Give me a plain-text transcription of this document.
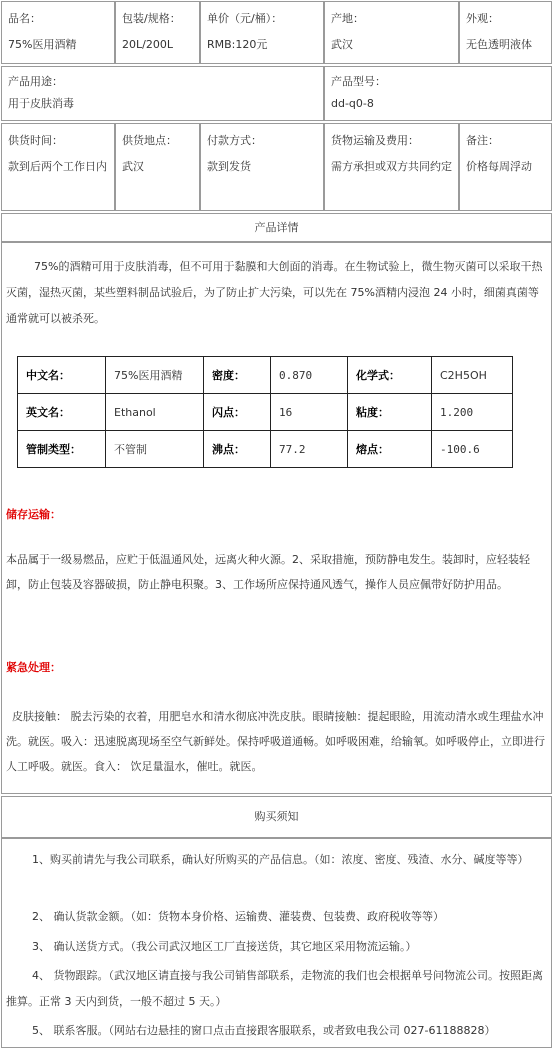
品名：
75%医用酒精
包装/规格：
20L/200L
单价（元/桶）：
RMB:120元
产地：
武汉
外观：
无色透明液体
产品用途：
用于皮肤消毒
产品型号：
dd-q0-8
供货时间：
款到后两个工作日内
供货地点：
武汉
付款方式：
款到发货
货物运输及费用：
需方承担或双方共同约定
备注：
价格每周浮动
产品详情
75%的酒精可用于皮肤消毒，但不可用于黏膜和大创面的消毒。在生物试验上，微生物灭菌可以采取干热灭菌，湿热灭菌，某些塑料制品试验后，为了防止扩大污染，可以先在 75%酒精内浸泡 24 小时，细菌真菌等通常就可以被杀死。
中文名：	75%医用酒精	密度：	0.870	化学式：	C2H5OH
英文名：	Ethanol	闪点：	16	粘度：	1.200
管制类型：	不管制	沸点：	77.2	熔点：	-100.6
储存运输：
本品属于一级易燃品，应贮于低温通风处，远离火种火源。2、采取措施，预防静电发生。装卸时，应轻装轻卸，防止包装及容器破损，防止静电积聚。3、工作场所应保持通风透气，操作人员应佩带好防护用品。
紧急处理：
皮肤接触： 脱去污染的衣着，用肥皂水和清水彻底冲洗皮肤。眼睛接触：提起眼睑，用流动清水或生理盐水冲洗。就医。吸入：迅速脱离现场至空气新鲜处。保持呼吸道通畅。如呼吸困难，给输氧。如呼吸停止，立即进行人工呼吸。就医。食入： 饮足量温水，催吐。就医。
购买须知
1、购买前请先与我公司联系，确认好所购买的产品信息。（如：浓度、密度、残渣、水分、碱度等等）
2、 确认货款金额。（如：货物本身价格、运输费、灌装费、包装费、政府税收等等）
3、 确认送货方式。（我公司武汉地区工厂直接送货，其它地区采用物流运输。）
4、 货物跟踪。（武汉地区请直接与我公司销售部联系，走物流的我们也会根据单号问物流公司。按照距离推算。正常 3 天内到货，一般不超过 5 天。）
5、 联系客服。（网站右边悬挂的窗口点击直接跟客服联系，或者致电我公司 027-61188828）
